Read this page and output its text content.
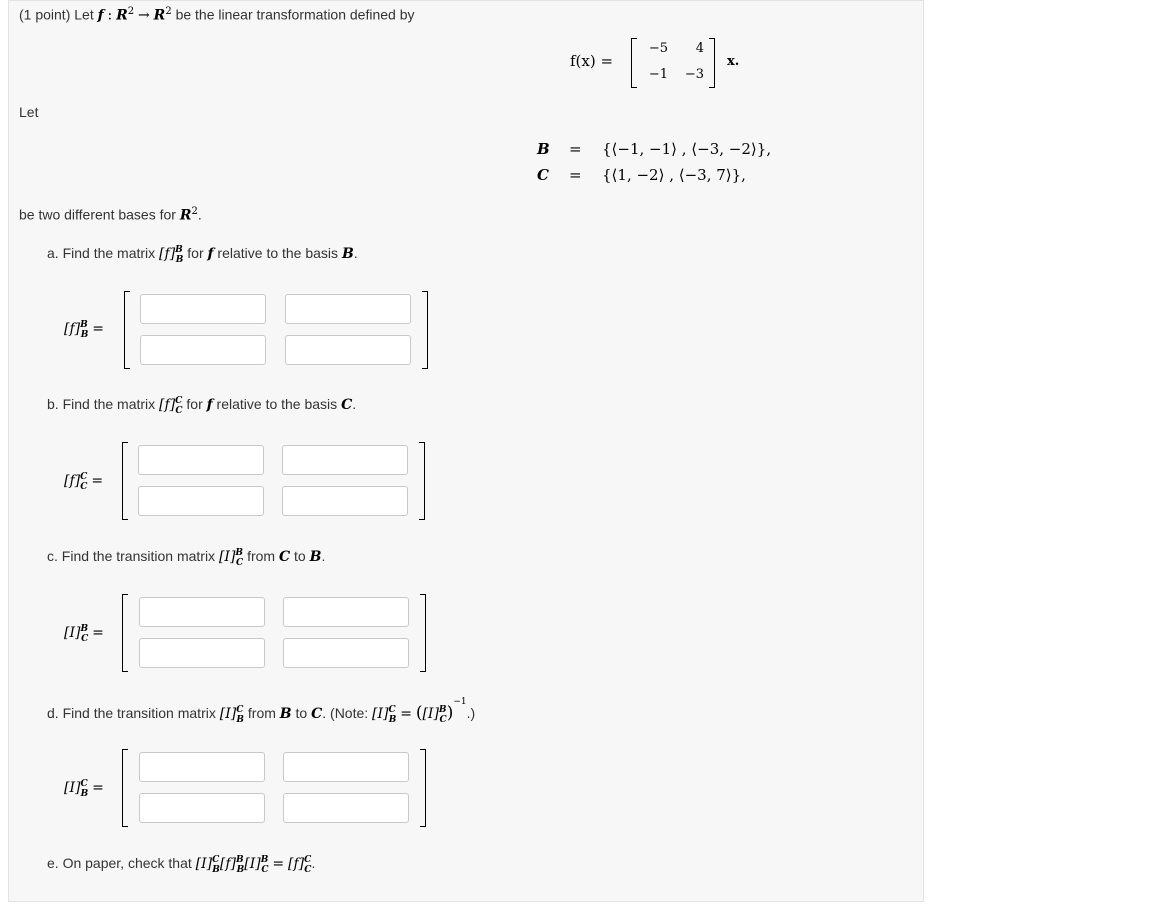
(1 point) Let f : $R^2 \to R^2$ be the linear transformation defined by
f(x) =
−5	4
−1 −3
x.
Let
B = {⟨−1, −1⟩ , ⟨−3, −2⟩},
C = {⟨1, −2⟩ , ⟨−3, 7⟩},
be two different bases for $R^2$.
a. Find the matrix $[f]^B_B$ for f relative to the basis B.
$[f]^B_B$ =
b. Find the matrix $[f]^C_C$ for f relative to the basis C.
$[f]^C_C$ =
c. Find the transition matrix $[I]^B_C$ from C to B.
$[I]^B_C$ =
d. Find the transition matrix $[I]^C_B$ from B to C. (Note: $[I]^C_B = ([I]^B_C)^{-1}$.)
$[I]^C_B$ =
e. On paper, check that $[I]^C_B[f]^B_B[I]^B_C = [f]^C_C$.
